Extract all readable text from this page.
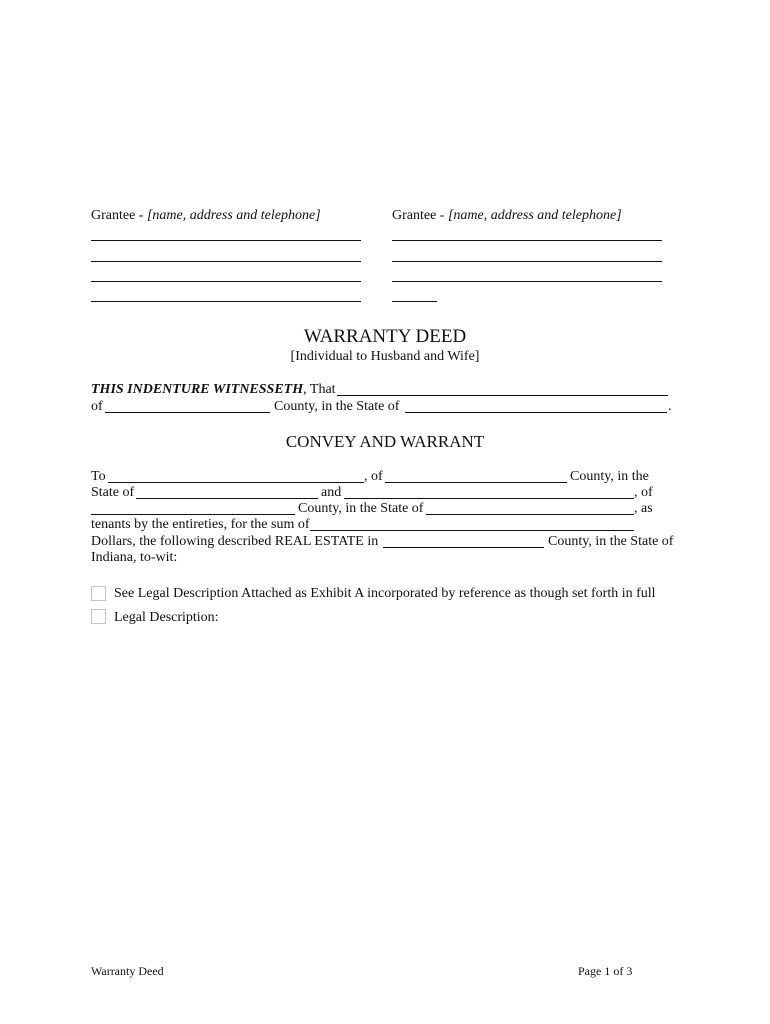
Grantee - [name, address and telephone]	Grantee - [name, address and telephone]
WARRANTY DEED
[Individual to Husband and Wife]
THIS INDENTURE WITNESSETH, That
of	County, in the State of	.
CONVEY AND WARRANT
To	, of	County, in the
State of	and	, of
County, in the State of	, as
tenants by the entireties, for the sum of
Dollars, the following described REAL ESTATE in	County, in the State of
Indiana, to-wit:
See Legal Description Attached as Exhibit A incorporated by reference as though set forth in full
Legal Description:
Warranty Deed	Page 1 of 3
